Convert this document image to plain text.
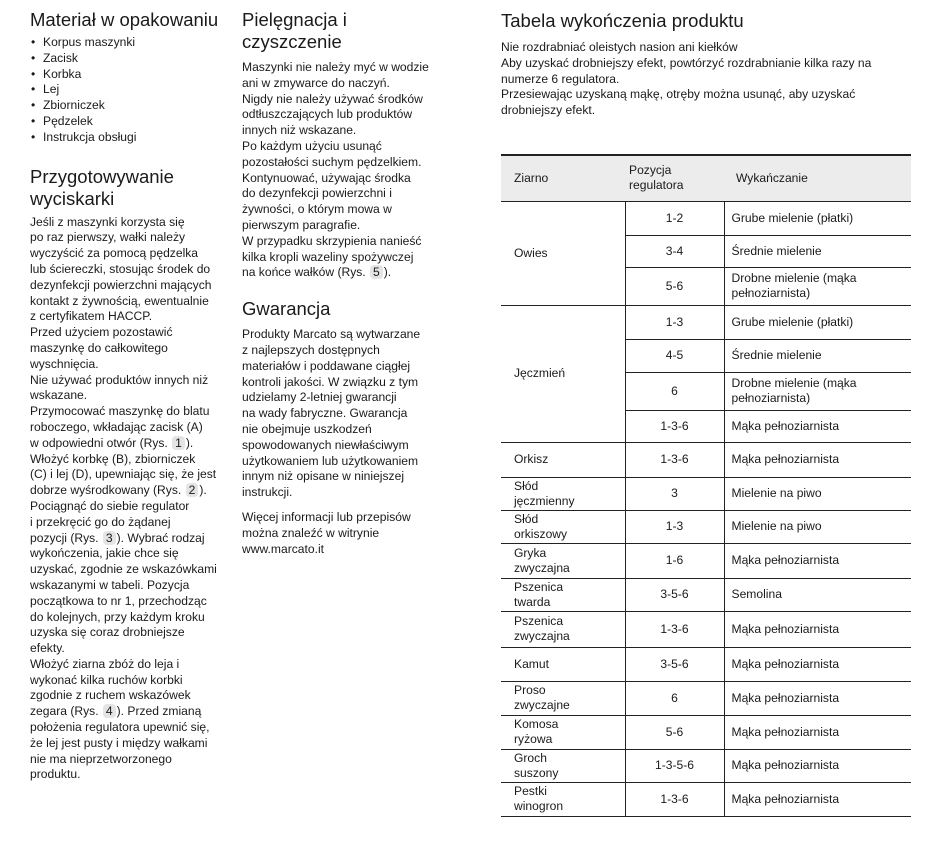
Materiał w opakowaniu
• Korpus maszynki
• Zacisk
• Korbka
• Lej
• Zbiorniczek
• Pędzelek
• Instrukcja obsługi
Przygotowywanie
wyciskarki
Jeśli z maszynki korzysta się
po raz pierwszy, wałki należy
wyczyścić za pomocą pędzelka
lub ściereczki, stosując środek do
dezynfekcji powierzchni mających
kontakt z żywnością, ewentualnie
z certyfikatem HACCP.
Przed użyciem pozostawić
maszynkę do całkowitego
wyschnięcia.
Nie używać produktów innych niż
wskazane.
Przymocować maszynkę do blatu
roboczego, wkładając zacisk (A)
w odpowiedni otwór (Rys. 1 ).
Włożyć korbkę (B), zbiorniczek
(C) i lej (D), upewniając się, że jest
dobrze wyśrodkowany (Rys. 2 ).
Pociągnąć do siebie regulator
i przekręcić go do żądanej
pozycji (Rys. 3 ). Wybrać rodzaj
wykończenia, jakie chce się
uzyskać, zgodnie ze wskazówkami
wskazanymi w tabeli. Pozycja
początkowa to nr 1, przechodząc
do kolejnych, przy każdym kroku
uzyska się coraz drobniejsze
efekty.
Włożyć ziarna zbóż do leja i
wykonać kilka ruchów korbki
zgodnie z ruchem wskazówek
zegara (Rys. 4 ). Przed zmianą
położenia regulatora upewnić się,
że lej jest pusty i między wałkami
nie ma nieprzetworzonego
produktu.
Pielęgnacja i
czyszczenie
Maszynki nie należy myć w wodzie
ani w zmywarce do naczyń.
Nigdy nie należy używać środków
odtłuszczających lub produktów
innych niż wskazane.
Po każdym użyciu usunąć
pozostałości suchym pędzelkiem.
Kontynuować, używając środka
do dezynfekcji powierzchni i
żywności, o którym mowa w
pierwszym paragrafie.
W przypadku skrzypienia nanieść
kilka kropli wazeliny spożywczej
na końce wałków (Rys. 5 ).
Gwarancja
Produkty Marcato są wytwarzane
z najlepszych dostępnych
materiałów i poddawane ciągłej
kontroli jakości. W związku z tym
udzielamy 2-letniej gwarancji
na wady fabryczne. Gwarancja
nie obejmuje uszkodzeń
spowodowanych niewłaściwym
użytkowaniem lub użytkowaniem
innym niż opisane w niniejszej
instrukcji.
Więcej informacji lub przepisów
można znaleźć w witrynie
www.marcato.it
Tabela wykończenia produktu
Nie rozdrabniać oleistych nasion ani kiełków
Aby uzyskać drobniejszy efekt, powtórzyć rozdrabnianie kilka razy na
numerze 6 regulatora.
Przesiewając uzyskaną mąkę, otręby można usunąć, aby uzyskać
drobniejszy efekt.
Ziarno	Pozycja regulatora	Wykańczanie

Owies	1-2	Grube mielenie (płatki)

	3-4	Średnie mielenie

	5-6	Drobne mielenie (mąka pełnoziarnista)

Jęczmień	1-3	Grube mielenie (płatki)

	4-5	Średnie mielenie

	6	Drobne mielenie (mąka pełnoziarnista)

	1-3-6	Mąka pełnoziarnista

Orkisz	1-3-6	Mąka pełnoziarnista

Słód jęczmienny	3	Mielenie na piwo

Słód orkiszowy	1-3	Mielenie na piwo

Gryka zwyczajna	1-6	Mąka pełnoziarnista

Pszenica twarda	3-5-6	Semolina

Pszenica zwyczajna	1-3-6	Mąka pełnoziarnista

Kamut	3-5-6	Mąka pełnoziarnista

Proso zwyczajne	6	Mąka pełnoziarnista

Komosa ryżowa	5-6	Mąka pełnoziarnista

Groch suszony	1-3-5-6	Mąka pełnoziarnista

Pestki winogron	1-3-6	Mąka pełnoziarnista
